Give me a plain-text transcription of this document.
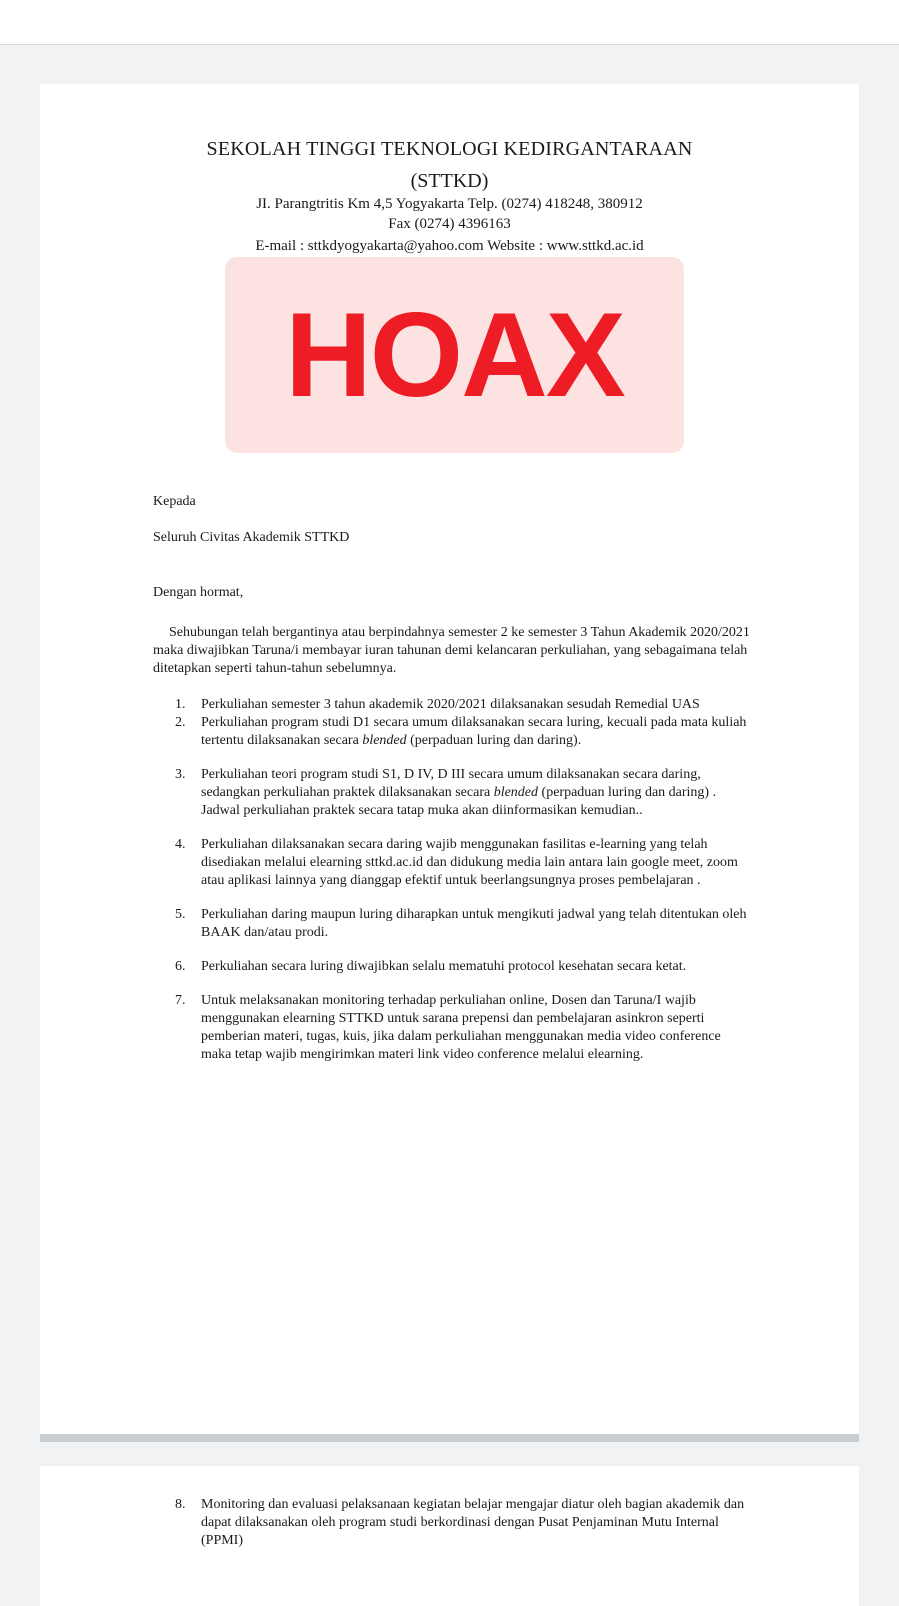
SEKOLAH TINGGI TEKNOLOGI KEDIRGANTARAAN
(STTKD)
JI. Parangtritis Km 4,5 Yogyakarta Telp. (0274) 418248, 380912
Fax (0274) 4396163
E-mail : sttkdyogyakarta@yahoo.com Website : www.sttkd.ac.id
HOAX
Kepada
Seluruh Civitas Akademik STTKD
Dengan hormat,
Sehubungan telah bergantinya atau berpindahnya semester 2 ke semester 3 Tahun Akademik 2020/2021 maka diwajibkan Taruna/i membayar iuran tahunan demi kelancaran perkuliahan, yang sebagaimana telah ditetapkan seperti tahun-tahun sebelumnya.
1. Perkuliahan semester 3 tahun akademik 2020/2021 dilaksanakan sesudah Remedial UAS
2. Perkuliahan program studi D1 secara umum dilaksanakan secara luring, kecuali pada mata kuliah tertentu dilaksanakan secara blended (perpaduan luring dan daring).
3. Perkuliahan teori program studi S1, D IV, D III secara umum dilaksanakan secara daring, sedangkan perkuliahan praktek dilaksanakan secara blended (perpaduan luring dan daring) . Jadwal perkuliahan praktek secara tatap muka akan diinformasikan kemudian..
4. Perkuliahan dilaksanakan secara daring wajib menggunakan fasilitas e-learning yang telah disediakan melalui elearning sttkd.ac.id dan didukung media lain antara lain google meet, zoom atau aplikasi lainnya yang dianggap efektif untuk beerlangsungnya proses pembelajaran .
5. Perkuliahan daring maupun luring diharapkan untuk mengikuti jadwal yang telah ditentukan oleh BAAK dan/atau prodi.
6. Perkuliahan secara luring diwajibkan selalu mematuhi protocol kesehatan secara ketat.
7. Untuk melaksanakan monitoring terhadap perkuliahan online, Dosen dan Taruna/I wajib menggunakan elearning STTKD untuk sarana prepensi dan pembelajaran asinkron seperti pemberian materi, tugas, kuis, jika dalam perkuliahan menggunakan media video conference maka tetap wajib mengirimkan materi link video conference melalui elearning.
8. Monitoring dan evaluasi pelaksanaan kegiatan belajar mengajar diatur oleh bagian akademik dan dapat dilaksanakan oleh program studi berkordinasi dengan Pusat Penjaminan Mutu Internal (PPMI)
